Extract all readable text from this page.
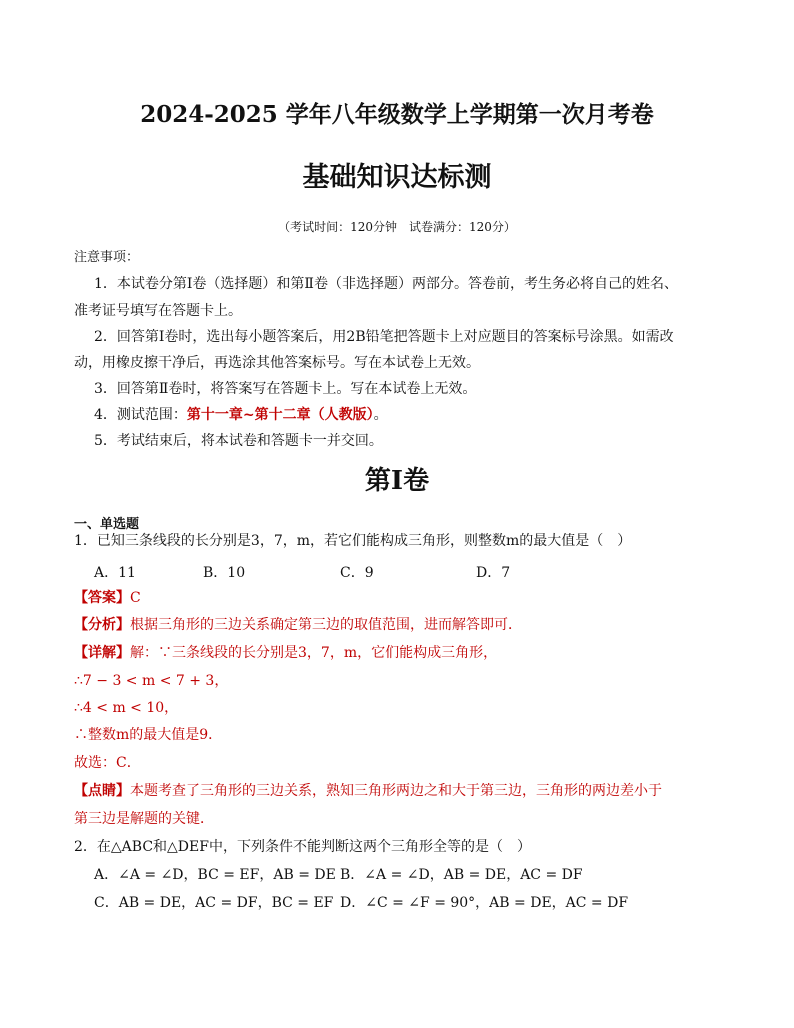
2024-2025 学年八年级数学上学期第一次月考卷
基础知识达标测
（考试时间：120分钟　试卷满分：120分）
注意事项：
1．本试卷分第Ⅰ卷（选择题）和第Ⅱ卷（非选择题）两部分。答卷前，考生务必将自己的姓名、
准考证号填写在答题卡上。
2．回答第Ⅰ卷时，选出每小题答案后，用2B铅笔把答题卡上对应题目的答案标号涂黑。如需改
动，用橡皮擦干净后，再选涂其他答案标号。写在本试卷上无效。
3．回答第Ⅱ卷时，将答案写在答题卡上。写在本试卷上无效。
4．测试范围：第十一章~第十二章（人教版）。
5．考试结束后，将本试卷和答题卡一并交回。
第Ⅰ卷
一、单选题
1．已知三条线段的长分别是3，7，m，若它们能构成三角形，则整数m的最大值是（　）
A．11	B．10	C．9	D．7
【答案】C
【分析】根据三角形的三边关系确定第三边的取值范围，进而解答即可．
【详解】解：∵三条线段的长分别是3，7，m，它们能构成三角形，
∴7 − 3 < m < 7 + 3，
∴4 < m < 10，
∴整数m的最大值是9．
故选：C．
【点睛】本题考查了三角形的三边关系，熟知三角形两边之和大于第三边，三角形的两边差小于
第三边是解题的关键．
2．在△ABC和△DEF中，下列条件不能判断这两个三角形全等的是（　）
A．∠A = ∠D，BC = EF，AB = DE B．∠A = ∠D，AB = DE，AC = DF
C．AB = DE，AC = DF，BC = EF D．∠C = ∠F = 90°，AB = DE，AC = DF
